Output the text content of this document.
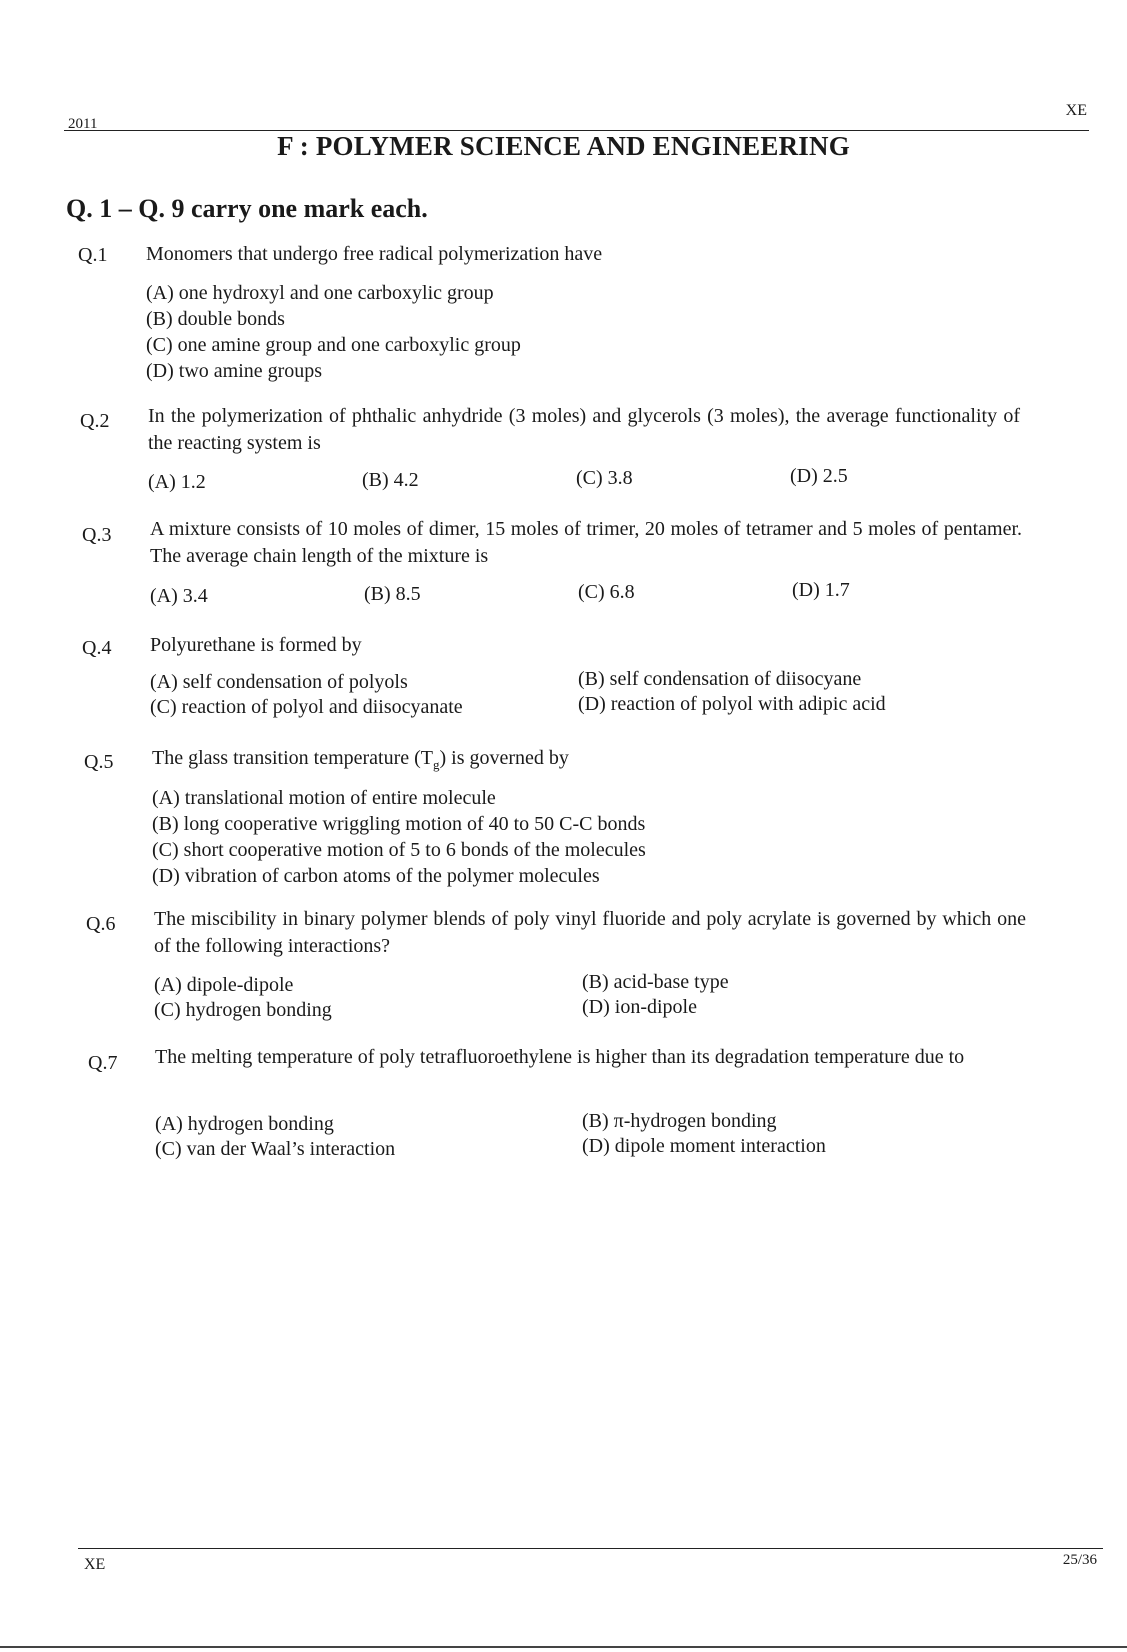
2011
XE
F : POLYMER SCIENCE AND ENGINEERING
Q. 1 – Q. 9 carry one mark each.
Q.1 Monomers that undergo free radical polymerization have
(A) one hydroxyl and one carboxylic group
(B) double bonds
(C) one amine group and one carboxylic group
(D) two amine groups
Q.2 In the polymerization of phthalic anhydride (3 moles) and glycerols (3 moles), the average functionality of the reacting system is
(A) 1.2	(B) 4.2	(C) 3.8	(D) 2.5
Q.3 A mixture consists of 10 moles of dimer, 15 moles of trimer, 20 moles of tetramer and 5 moles of pentamer. The average chain length of the mixture is
(A) 3.4	(B) 8.5	(C) 6.8	(D) 1.7
Q.4 Polyurethane is formed by
(A) self condensation of polyols	(B) self condensation of diisocyane
(C) reaction of polyol and diisocyanate	(D) reaction of polyol with adipic acid
Q.5 The glass transition temperature $(T_g)$ is governed by
(A) translational motion of entire molecule
(B) long cooperative wriggling motion of 40 to 50 C-C bonds
(C) short cooperative motion of 5 to 6 bonds of the molecules
(D) vibration of carbon atoms of the polymer molecules
Q.6 The miscibility in binary polymer blends of poly vinyl fluoride and poly acrylate is governed by which one of the following interactions?
(A) dipole-dipole	(B) acid-base type
(C) hydrogen bonding	(D) ion-dipole
Q.7 The melting temperature of poly tetrafluoroethylene is higher than its degradation temperature due to
(A) hydrogen bonding	(B) π-hydrogen bonding
(C) van der Waal’s interaction	(D) dipole moment interaction
XE	25/36
